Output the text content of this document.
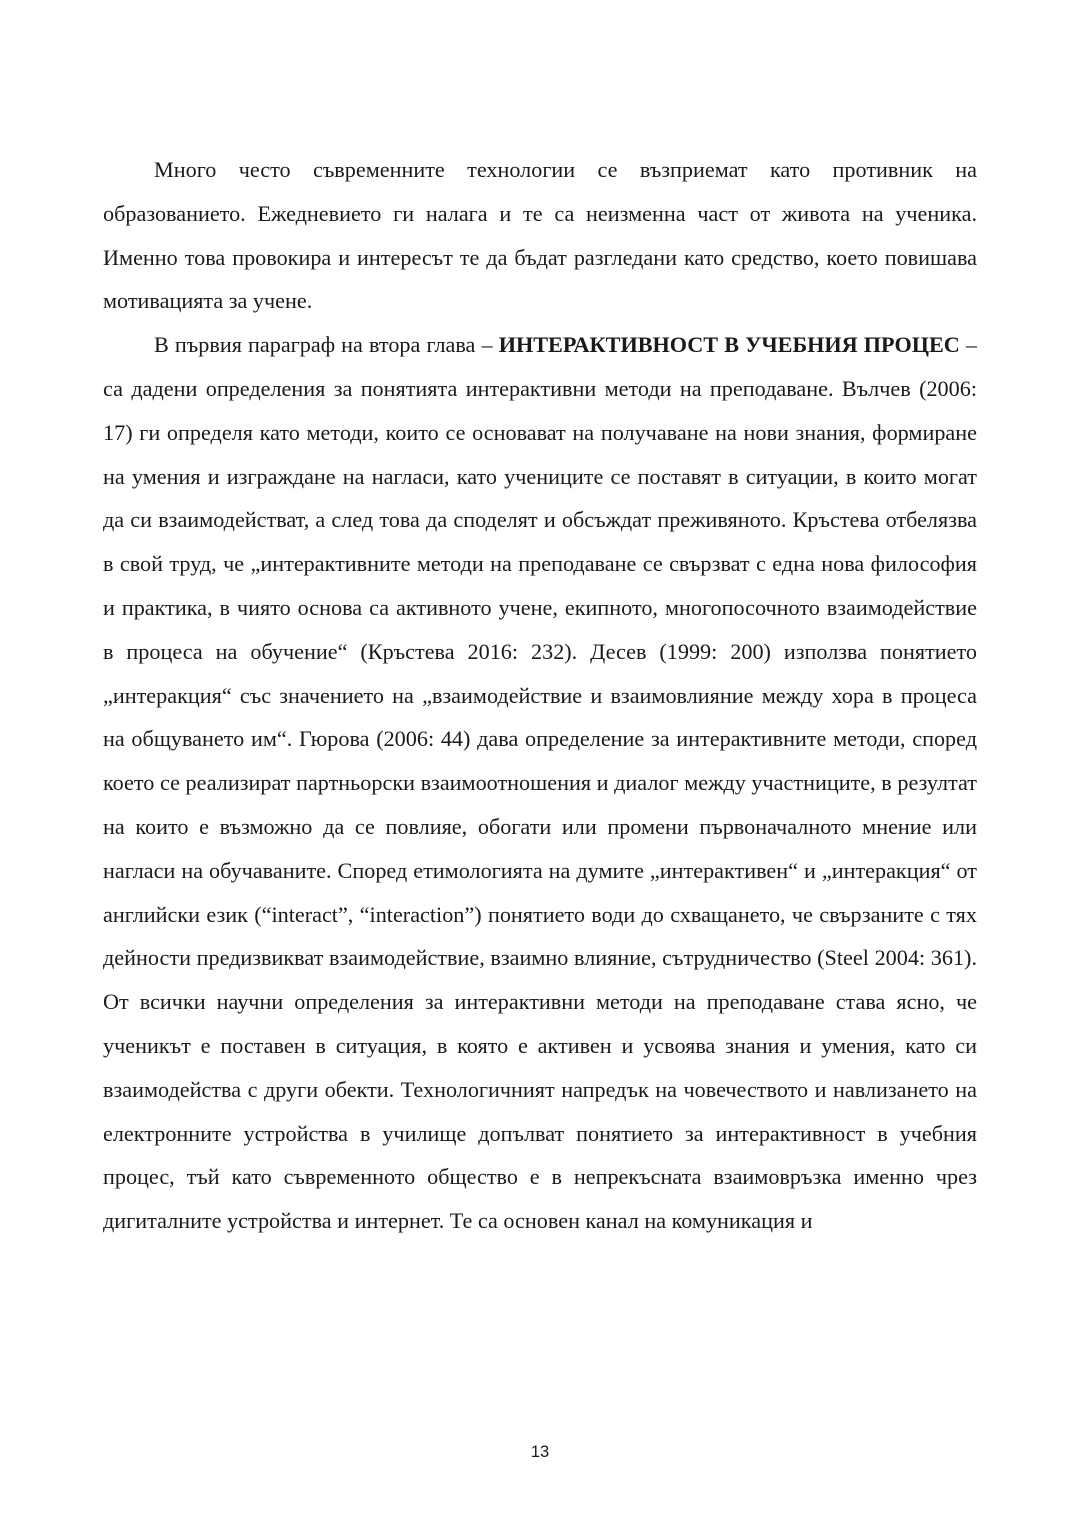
Много често съвременните технологии се възприемат като противник на образованието. Ежедневието ги налага и те са неизменна част от живота на ученика. Именно това провокира и интересът те да бъдат разгледани като средство, което повишава мотивацията за учене.

В първия параграф на втора глава – ИНТЕРАКТИВНОСТ В УЧЕБНИЯ ПРОЦЕС – са дадени определения за понятията интерактивни методи на преподаване. Вълчев (2006: 17) ги определя като методи, които се основават на получаване на нови знания, формиране на умения и изграждане на нагласи, като учениците се поставят в ситуации, в които могат да си взаимодействат, а след това да споделят и обсъждат преживяното. Кръстева отбелязва в свой труд, че „интерактивните методи на преподаване се свързват с една нова философия и практика, в чиято основа са активното учене, екипното, многопосочното взаимодействие в процеса на обучение“ (Кръстева 2016: 232). Десев (1999: 200) използва понятието „интеракция“ със значението на „взаимодействие и взаимовлияние между хора в процеса на общуването им“. Гюрова (2006: 44) дава определение за интерактивните методи, според което се реализират партньорски взаимоотношения и диалог между участниците, в резултат на които е възможно да се повлияе, обогати или промени първоначалното мнение или нагласи на обучаваните. Според етимологията на думите „интерактивен“ и „интеракция“ от английски език (“interact”, “interaction”) понятието води до схващането, че свързаните с тях дейности предизвикват взаимодействие, взаимно влияние, сътрудничество (Steel 2004: 361). От всички научни определения за интерактивни методи на преподаване става ясно, че ученикът е поставен в ситуация, в която е активен и усвоява знания и умения, като си взаимодейства с други обекти. Технологичният напредък на човечеството и навлизането на електронните устройства в училище допълват понятието за интерактивност в учебния процес, тъй като съвременното общество е в непрекъсната взаимовръзка именно чрез дигиталните устройства и интернет. Те са основен канал на комуникация и

13
